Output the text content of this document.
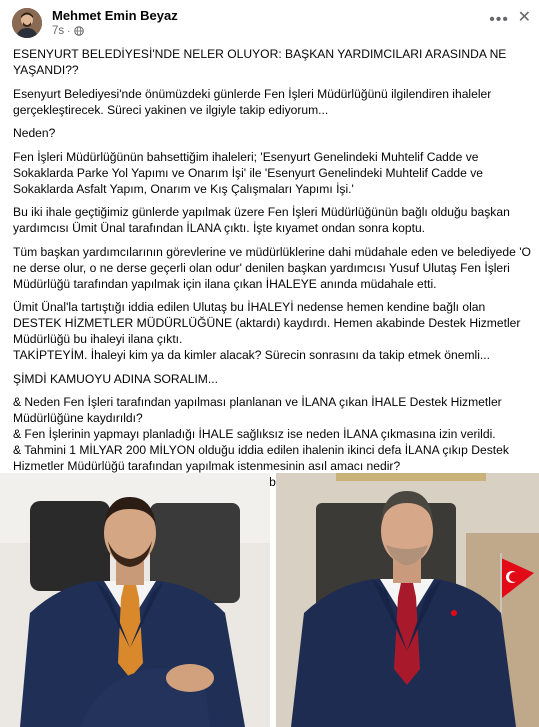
Mehmet Emin Beyaz
7s ·
••• ✕

ESENYURT BELEDİYESİ'NDE NELER OLUYOR: BAŞKAN YARDIMCILARI ARASINDA NE YAŞANDI??

Esenyurt Belediyesi'nde önümüzdeki günlerde Fen İşleri Müdürlüğünü ilgilendiren ihaleler gerçekleştirecek. Süreci yakinen ve ilgiyle takip ediyorum...

Neden?

Fen İşleri Müdürlüğünün bahsettiğim ihaleleri; 'Esenyurt Genelindeki Muhtelif Cadde ve Sokaklarda Parke Yol Yapımı ve Onarım İşi' ile 'Esenyurt Genelindeki Muhtelif Cadde ve Sokaklarda Asfalt Yapım, Onarım ve Kış Çalışmaları Yapımı İşi.'

Bu iki ihale geçtiğimiz günlerde yapılmak üzere Fen İşleri Müdürlüğünün bağlı olduğu başkan yardımcısı Ümit Ünal tarafından İLANA çıktı. İşte kıyamet ondan sonra koptu.

Tüm başkan yardımcılarının görevlerine ve müdürlüklerine dahi müdahale eden ve belediyede 'O ne derse olur, o ne derse geçerli olan odur' denilen başkan yardımcısı Yusuf Ulutaş Fen İşleri Müdürlüğü tarafından yapılmak için ilana çıkan İHALEYE anında müdahale etti.

Ümit Ünal'la tartıştığı iddia edilen Ulutaş bu İHALEYİ nedense hemen kendine bağlı olan DESTEK HİZMETLER MÜDÜRLÜĞÜNE (aktardı) kaydırdı. Hemen akabinde Destek Hizmetler Müdürlüğü bu ihaleyi ilana çıktı.

TAKİPTEYİM. İhaleyi kim ya da kimler alacak? Sürecin sonrasını da takip etmek önemli...

ŞİMDİ KAMUOYU ADINA SORALIM...

& Neden Fen İşleri tarafından yapılması planlanan ve İLANA çıkan İHALE Destek Hizmetler Müdürlüğüne kaydırıldı?

& Fen İşlerinin yapmayı planladığı İHALE sağlıksız ise neden İLANA çıkmasına izin verildi.

& Tahmini 1 MİLYAR 200 MİLYON olduğu iddia edilen ihalenin ikinci defa İLANA çıkıp Destek Hizmetler Müdürlüğü tarafından yapılmak istenmesinin asıl amacı nedir?

problemi
